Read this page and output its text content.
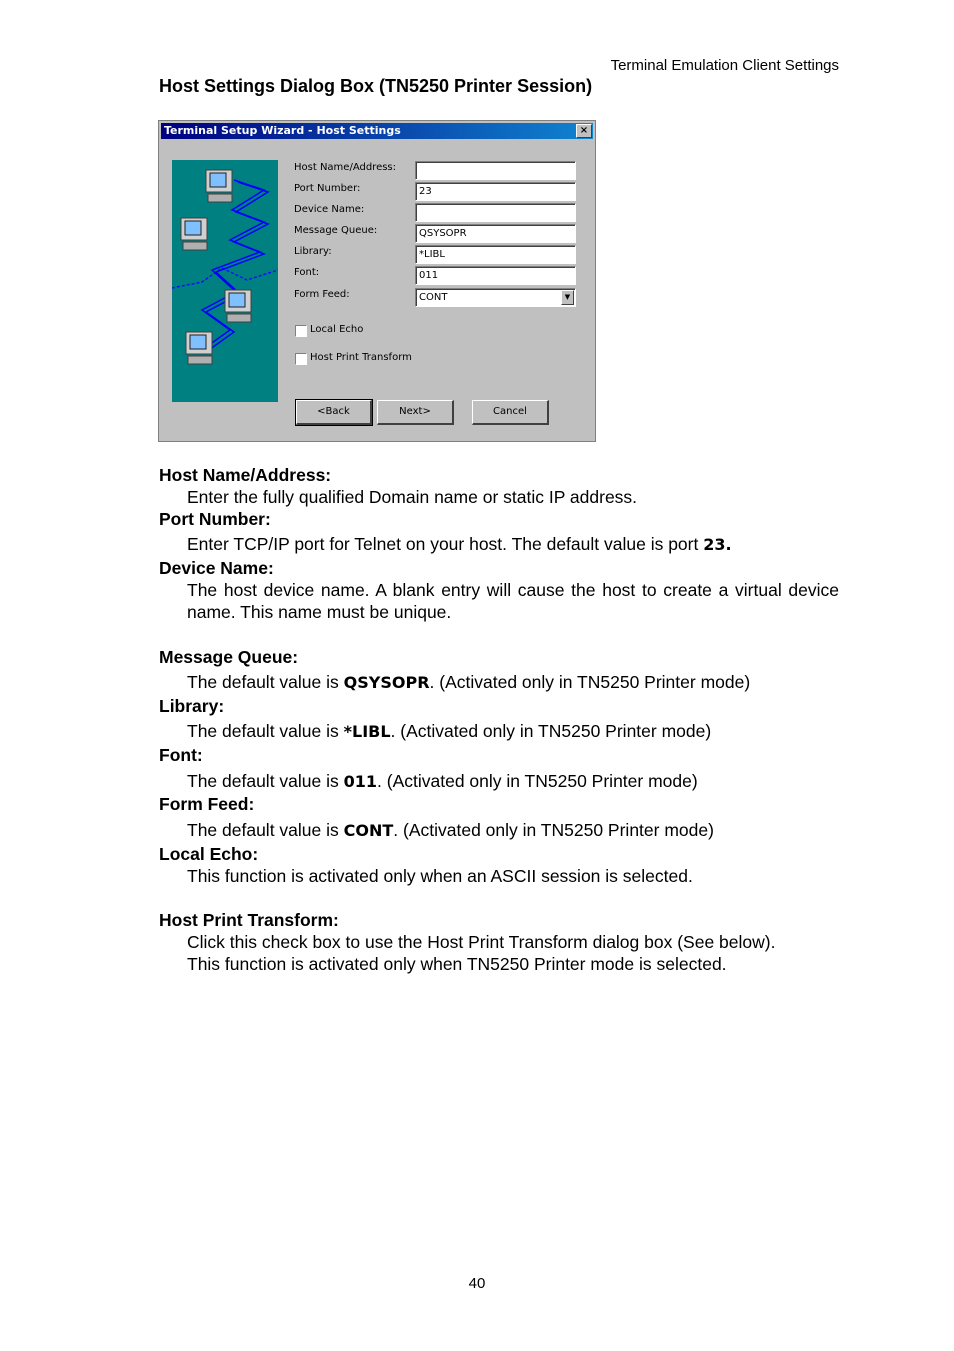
Terminal Emulation Client Settings
Host Settings Dialog Box (TN5250 Printer Session)
Terminal Setup Wizard - Host Settings	×
Host Name/Address:
Port Number:	23
Device Name:
Message Queue:	QSYSOPR
Library:	*LIBL
Font:	011
Form Feed:	CONT	▼
Local Echo
Host Print Transform
<Back	Next>	Cancel
Host Name/Address:
Enter the fully qualified Domain name or static IP address.
Port Number:
Enter TCP/IP port for Telnet on your host. The default value is port 23.
Device Name:
The host device name. A blank entry will cause the host to create a virtual device name. This name must be unique.
Message Queue:
The default value is QSYSOPR. (Activated only in TN5250 Printer mode)
Library:
The default value is *LIBL. (Activated only in TN5250 Printer mode)
Font:
The default value is 011. (Activated only in TN5250 Printer mode)
Form Feed:
The default value is CONT. (Activated only in TN5250 Printer mode)
Local Echo:
This function is activated only when an ASCII session is selected.
Host Print Transform:
Click this check box to use the Host Print Transform dialog box (See below).
This function is activated only when TN5250 Printer mode is selected.
40
